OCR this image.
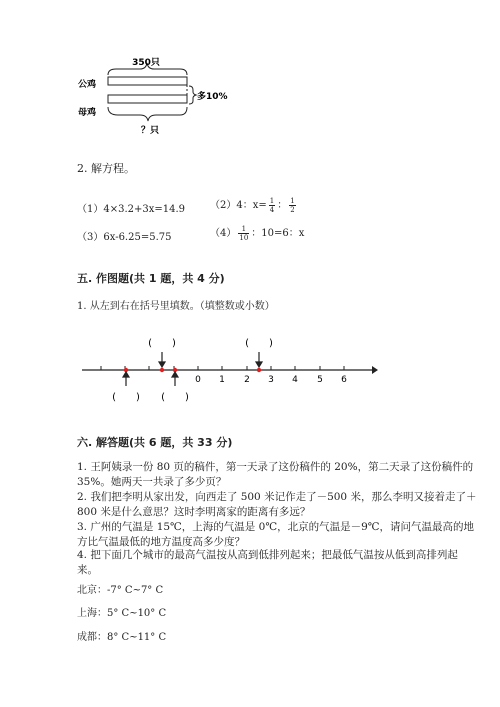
350只
公鸡
母鸡
多10%
？只
2. 解方程。
（1）4×3.2+3x=14.9 （2）4：$x= \frac{1}{4}$ ： $\frac{1}{2}$
（3）6x-6.25=5.75	$(4) \frac{1}{10}$ ：10=6：x
五. 作图题(共 1 题，共 4 分)
1. 从左到右在括号里填数。（填整数或小数）
0 1 2 3 4 5 6
(　　)	(　　)
(　　) (　　)
六. 解答题(共 6 题，共 33 分)
1. 王阿姨录一份 80 页的稿件，第一天录了这份稿件的 20%，第二天录了这份稿件的 35%。她两天一共录了多少页？
2. 我们把李明从家出发，向西走了 500 米记作走了－500 米，那么李明又接着走了＋800 米是什么意思？这时李明离家的距离有多远？
3. 广州的气温是 15℃，上海的气温是 0℃，北京的气温是－9℃，请问气温最高的地方比气温最低的地方温度高多少度？
4. 把下面几个城市的最高气温按从高到低排列起来；把最低气温按从低到高排列起来。
北京：-7° C~7° C
上海：5° C~10° C
成都：8° C~11° C
